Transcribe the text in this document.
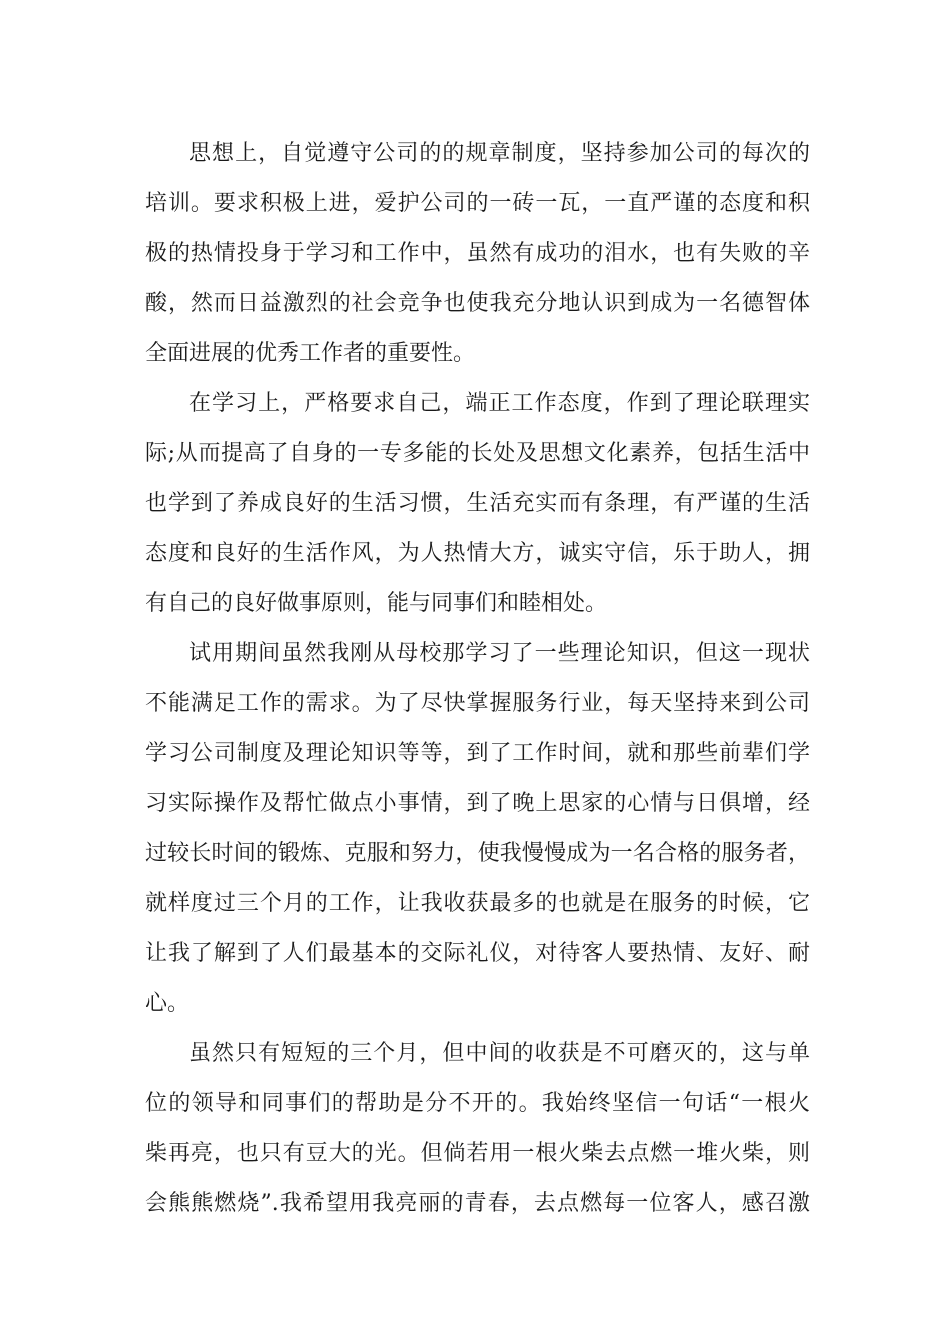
思想上，自觉遵守公司的的规章制度，坚持参加公司的每次的
培训。要求积极上进，爱护公司的一砖一瓦，一直严谨的态度和积
极的热情投身于学习和工作中，虽然有成功的泪水，也有失败的辛
酸，然而日益激烈的社会竞争也使我充分地认识到成为一名德智体
全面进展的优秀工作者的重要性。
在学习上，严格要求自己，端正工作态度，作到了理论联理实
际;从而提高了自身的一专多能的长处及思想文化素养，包括生活中
也学到了养成良好的生活习惯，生活充实而有条理，有严谨的生活
态度和良好的生活作风，为人热情大方，诚实守信，乐于助人，拥
有自己的良好做事原则，能与同事们和睦相处。
试用期间虽然我刚从母校那学习了一些理论知识，但这一现状
不能满足工作的需求。为了尽快掌握服务行业，每天坚持来到公司
学习公司制度及理论知识等等，到了工作时间，就和那些前辈们学
习实际操作及帮忙做点小事情，到了晚上思家的心情与日俱增，经
过较长时间的锻炼、克服和努力，使我慢慢成为一名合格的服务者，
就样度过三个月的工作，让我收获最多的也就是在服务的时候，它
让我了解到了人们最基本的交际礼仪，对待客人要热情、友好、耐
心。
虽然只有短短的三个月，但中间的收获是不可磨灭的，这与单
位的领导和同事们的帮助是分不开的。我始终坚信一句话“一根火
柴再亮，也只有豆大的光。但倘若用一根火柴去点燃一堆火柴，则
会熊熊燃烧”.我希望用我亮丽的青春，去点燃每一位客人，感召激
